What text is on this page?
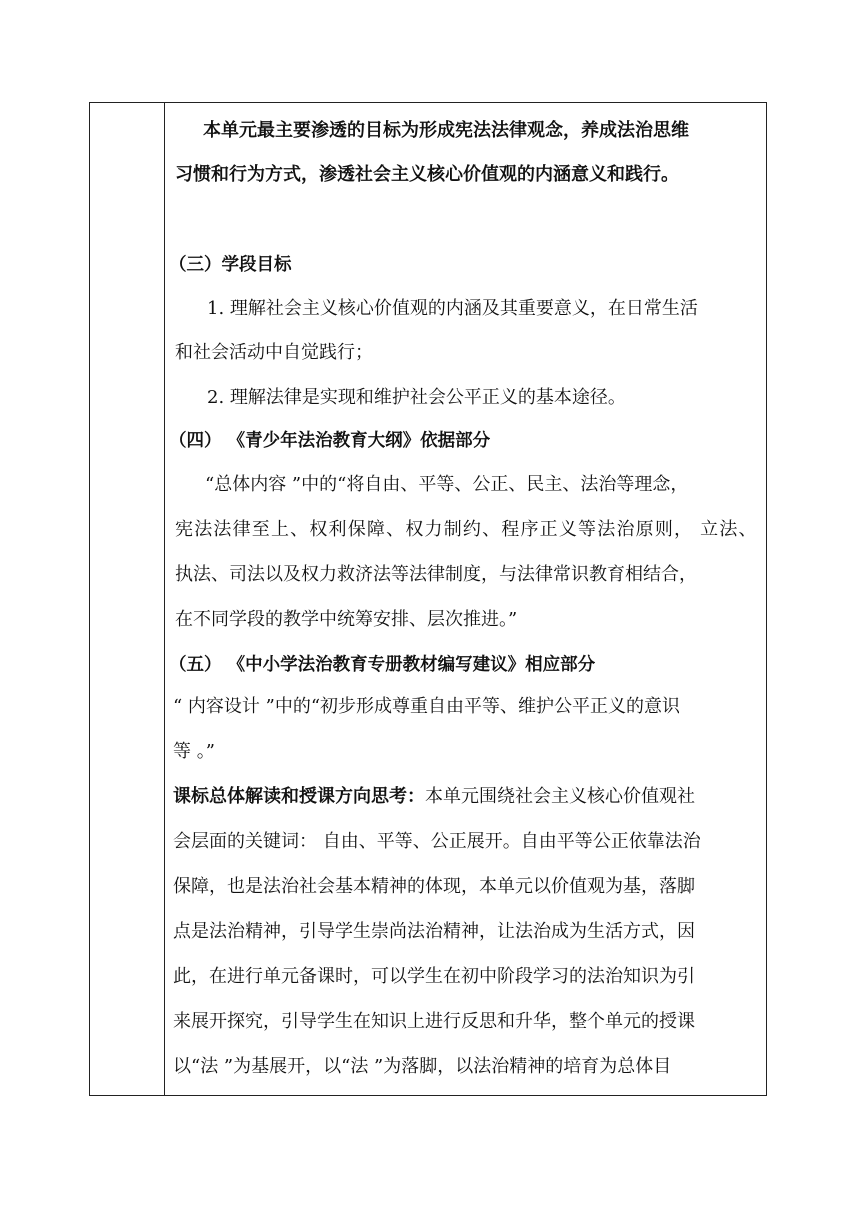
本单元最主要渗透的目标为形成宪法法律观念，养成法治思维
习惯和行为方式，渗透社会主义核心价值观的内涵意义和践行。
（三）学段目标
1. 理解社会主义核心价值观的内涵及其重要意义，在日常生活
和社会活动中自觉践行；
2. 理解法律是实现和维护社会公平正义的基本途径。
（四） 《青少年法治教育大纲》依据部分
“总体内容 ”中的“将自由、平等、公正、民主、法治等理念，
宪法法律至上、权利保障、权力制约、程序正义等法治原则， 立法、
执法、司法以及权力救济法等法律制度，与法律常识教育相结合，
在不同学段的教学中统筹安排、层次推进。”
（五） 《中小学法治教育专册教材编写建议》相应部分
“ 内容设计 ”中的“初步形成尊重自由平等、维护公平正义的意识
等 。”
课标总体解读和授课方向思考：本单元围绕社会主义核心价值观社
会层面的关键词： 自由、平等、公正展开。自由平等公正依靠法治
保障，也是法治社会基本精神的体现，本单元以价值观为基，落脚
点是法治精神，引导学生崇尚法治精神，让法治成为生活方式，因
此，在进行单元备课时，可以学生在初中阶段学习的法治知识为引
来展开探究，引导学生在知识上进行反思和升华，整个单元的授课
以“法 ”为基展开，以“法 ”为落脚，以法治精神的培育为总体目
